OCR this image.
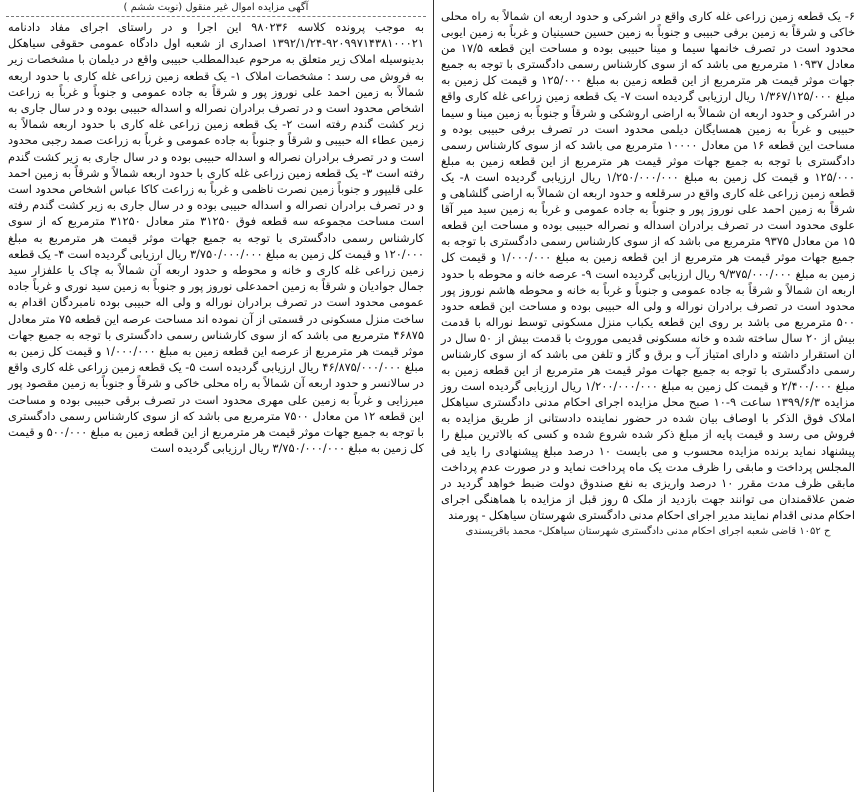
۶- یک قطعه زمین زراعی غله کاری واقع در اشرکی و حدود اربعه ان شمالاً به راه محلی خاکی و شرقاً به زمین برفی حبیبی و جنوباً به زمین حسین حسینیان و غرباً به زمین ایوبی محدود است در تصرف خانمها سیما و مینا حبیبی بوده و مساحت این قطعه ۱۷/۵ من معادل ۱۰۹۳۷ مترمربع می باشد که از سوی کارشناس رسمی دادگستری با توجه به جمیع جهات موثر قیمت هر مترمربع از این قطعه زمین به مبلغ ۱۲۵/۰۰۰ و قیمت کل زمین به مبلغ ۱/۳۶۷/۱۲۵/۰۰۰ ریال ارزیابی گردیده است ۷- یک قطعه زمین زراعی غله کاری واقع در اشرکی و حدود اربعه ان شمالاً به اراضی اروشکی و شرقاً و جنوباً به زمین مینا و سیما حبیبی و غرباً به زمین همسایگان دیلمی محدود است در تصرف برفی حبیبی بوده و مساحت این قطعه ۱۶ من معادل ۱۰۰۰۰ مترمربع می باشد که از سوی کارشناس رسمی دادگستری با توجه به جمیع جهات موثر قیمت هر مترمربع از این قطعه زمین به مبلغ ۱۲۵/۰۰۰ و قیمت کل زمین به مبلغ ۱/۲۵۰/۰۰۰/۰۰۰ ریال ارزیابی گردیده است ۸- یک قطعه زمین زراعی غله کاری واقع در سرقلعه و حدود اربعه ان شمالاً به اراضی گلشاهی و شرقاً به زمین احمد علی نوروز پور و جنوباً به جاده عمومی و غرباً به زمین سید میر آقا علوی محدود است در تصرف برادران اسداله و نصراله حبیبی بوده و مساحت این قطعه ۱۵ من معادل ۹۳۷۵ مترمربع می باشد که از سوی کارشناس رسمی دادگستری با توجه به جمیع جهات موثر قیمت هر مترمربع از این قطعه زمین به مبلغ ۱/۰۰۰/۰۰۰ و قیمت کل زمین به مبلغ ۹/۳۷۵/۰۰۰/۰۰۰ ریال ارزیابی گردیده است ۹- عرصه خانه و محوطه با حدود اربعه ان شمالاً و شرقاً به جاده عمومی و جنوباً و غرباً به خانه و محوطه هاشم نوروز پور محدود است در تصرف برادران نوراله و ولی اله حبیبی بوده و مساحت این قطعه حدود ۵۰۰ مترمربع می باشد بر روی این قطعه یکباب منزل مسکونی توسط نوراله با قدمت بیش از ۲۰ سال ساخته شده و خانه مسکونی قدیمی موروث با قدمت بیش از ۵۰ سال در ان استقرار داشته و دارای امتیاز آب و برق و گاز و تلفن می باشد که از سوی کارشناس رسمی دادگستری با توجه به جمیع جهات موثر قیمت هر مترمربع از این قطعه زمین به مبلغ ۲/۴۰۰/۰۰۰ و قیمت کل زمین به مبلغ ۱/۲۰۰/۰۰۰/۰۰۰ ریال ارزیابی گردیده است روز مزایده ۱۳۹۹/۶/۳ ساعت ۹-۱۰ صبح محل مزایده اجرای احکام مدنی دادگستری سیاهکل املاک فوق الذکر با اوصاف بیان شده در حضور نماینده دادستانی از طریق مزایده به فروش می رسد و قیمت پایه از مبلغ ذکر شده شروع شده و کسی که بالاترین مبلغ را پیشنهاد نماید برنده مزایده محسوب و می بایست ۱۰ درصد مبلغ پیشنهادی را باید فی المجلس پرداخت و مابقی را ظرف مدت یک ماه پرداخت نماید و در صورت عدم پرداخت مابقی ظرف مدت مقرر ۱۰ درصد واریزی به نفع صندوق دولت ضبط خواهد گردید در ضمن علاقمندان می توانند جهت بازدید از ملک ۵ روز قبل از مزایده با هماهنگی اجرای احکام مدنی اقدام نمایند مدیر اجرای احکام مدنی دادگستری شهرستان سیاهکل - پورمند

ح ۱۰۵۲ قاضی شعبه اجرای احکام مدنی دادگستری شهرستان سیاهکل- محمد باقریسندی
آگهی مزایده اموال غیر منقول (نوبت ششم )

به موجب پرونده کلاسه ۹۸۰۲۳۶ این اجرا و در راستای اجرای مفاد دادنامه ۹۲۰۹۹۷۱۴۳۸۱۰۰۰۲۱-۱۳۹۲/۱/۲۴ اصداری از شعبه اول دادگاه عمومی حقوقی سیاهکل بدینوسیله املاک زیر متعلق به مرحوم عبدالمطلب حبیبی واقع در دیلمان با مشخصات زیر به فروش می رسد : مشخصات املاک ۱- یک قطعه زمین زراعی غله کاری با حدود اربعه شمالاً به زمین احمد علی نوروز پور و شرقاً به جاده عمومی و جنوباً و غرباً به زراعت اشخاص محدود است و در تصرف برادران نصراله و اسداله حبیبی بوده و در سال جاری به زیر کشت گندم رفته است ۲- یک قطعه زمین زراعی غله کاری با حدود اربعه شمالاً به زمین عطاء اله حبیبی و شرقاً و جنوباً به جاده عمومی و غرباً به زراعت صمد رجبی محدود است و در تصرف برادران نصراله و اسداله حبیبی بوده و در سال جاری به زیر کشت گندم رفته است ۳- یک قطعه زمین زراعی غله کاری با حدود اربعه شمالاً و شرقاً به زمین احمد علی قلیپور و جنوباً زمین نصرت ناظمی و غرباً به زراعت کاکا عباس اشخاص محدود است و در تصرف برادران نصراله و اسداله حبیبی بوده و در سال جاری به زیر کشت گندم رفته است مساحت مجموعه سه قطعه فوق ۳۱۲۵۰ متر معادل ۳۱۲۵۰ مترمربع که از سوی کارشناس رسمی دادگستری با توجه به جمیع جهات موثر قیمت هر مترمربع به مبلغ ۱۲۰/۰۰۰ و قیمت کل زمین به مبلغ ۳/۷۵۰/۰۰۰/۰۰۰ ریال ارزیابی گردیده است ۴- یک قطعه زمین زراعی غله کاری و خانه و محوطه و حدود اربعه آن شمالاً به چاک یا علفزار سید جمال جوادیان و شرقاً به زمین احمدعلی نوروز پور و جنوباً به زمین سید نوری و غرباً جاده عمومی محدود است در تصرف برادران نوراله و ولی اله حبیبی بوده نامبردگان اقدام به ساخت منزل مسکونی در قسمتی از آن نموده اند مساحت عرصه این قطعه ۷۵ متر معادل ۴۶۸۷۵ مترمربع می باشد که از سوی کارشناس رسمی دادگستری با توجه به جمیع جهات موثر قیمت هر مترمربع از عرصه این قطعه زمین به مبلغ ۱/۰۰۰/۰۰۰ و قیمت کل زمین به مبلغ ۴۶/۸۷۵/۰۰۰/۰۰۰ ریال ارزیابی گردیده است ۵- یک قطعه زمین زراعی غله کاری واقع در سالانسر و حدود اربعه آن شمالاً به راه محلی خاکی و شرقاً و جنوباً به زمین مقصود پور میرزایی و غرباً به زمین علی مهری محدود است در تصرف برقی حبیبی بوده و مساحت این قطعه ۱۲ من معادل ۷۵۰۰ مترمربع می باشد که از سوی کارشناس رسمی دادگستری با توجه به جمیع جهات موثر قیمت هر مترمربع از این قطعه زمین به مبلغ ۵۰۰/۰۰۰ و قیمت کل زمین به مبلغ ۳/۷۵۰/۰۰۰/۰۰۰ ریال ارزیابی گردیده است
